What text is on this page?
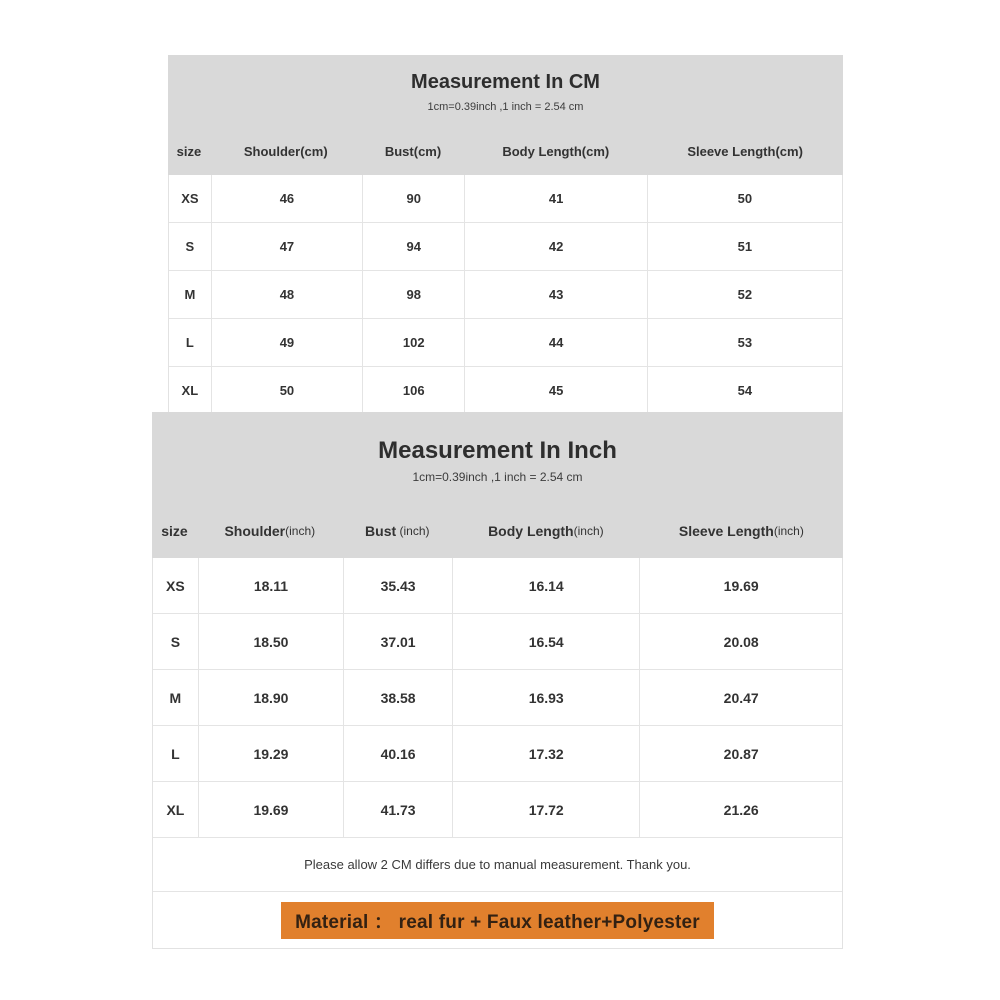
Measurement In CM
1cm=0.39inch ,1 inch = 2.54 cm
size	Shoulder (cm)	Bust (cm)	Body Length (cm)	Sleeve Length (cm)
XS	46	90	41	50
S	47	94	42	51
M	48	98	43	52
L	49	102	44	53
XL	50	106	45	54
Measurement In Inch
1cm=0.39inch ,1 inch = 2.54 cm
size	Shoulder (inch)	Bust (inch)	Body Length (inch)	Sleeve Length (inch)
XS	18.11	35.43	16.14	19.69
S	18.50	37.01	16.54	20.08
M	18.90	38.58	16.93	20.47
L	19.29	40.16	17.32	20.87
XL	19.69	41.73	17.72	21.26
Please allow 2 CM differs due to manual measurement. Thank you.
Material ： real fur + Faux leather+Polyester
